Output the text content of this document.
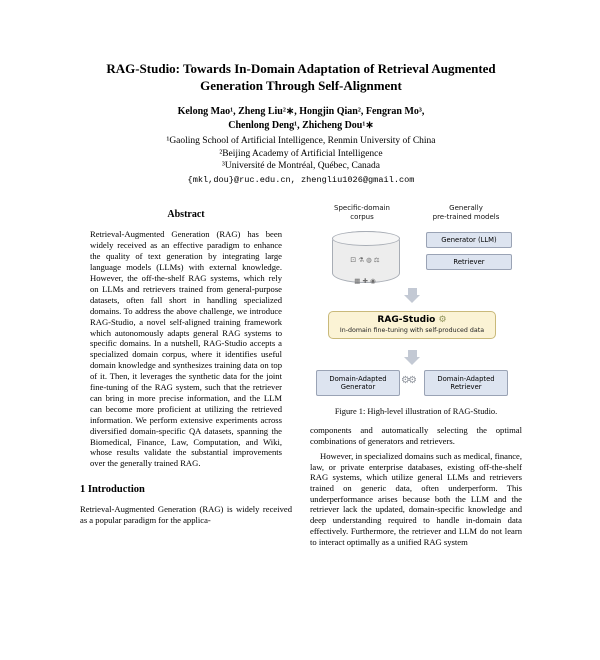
RAG-Studio: Towards In-Domain Adaptation of Retrieval Augmented
Generation Through Self-Alignment
Kelong Mao¹, Zheng Liu²∗, Hongjin Qian², Fengran Mo³,
Chenlong Deng¹, Zhicheng Dou¹∗
¹Gaoling School of Artificial Intelligence, Renmin University of China
²Beijing Academy of Artificial Intelligence
³Université de Montréal, Québec, Canada
{mkl,dou}@ruc.edu.cn, zhengliu1026@gmail.com
Abstract

Retrieval-Augmented Generation (RAG) has been widely received as an effective paradigm to enhance the quality of text generation by integrating large language models (LLMs) with external knowledge. However, the off-the-shelf RAG systems, which rely on LLMs and retrievers trained from general-purpose datasets, often fall short in handling specialized domains. To address the above challenge, we introduce RAG-Studio, a novel self-aligned training framework which autonomously adapts general RAG systems to specific domains. In a nutshell, RAG-Studio accepts a specialized domain corpus, where it identifies useful domain knowledge and synthesizes training data on top of it. Then, it leverages the synthetic data for the joint fine-tuning of the RAG system, such that the retriever can bring in more precise information, and the LLM can become more proficient at utilizing the retrieved information. We perform extensive experiments across diversified domain-specific QA datasets, spanning the Biomedical, Finance, Law, Computation, and Wiki, whose results validate the substantial improvements over the generally trained RAG.

1 Introduction

Retrieval-Augmented Generation (RAG) is widely received as a popular paradigm for the applica-

Specific-domain
corpus
Generally
pre-trained models

⚀ ⚗ ◍ ⚖

▦ ✚ ◉

Generator (LLM)
Retriever
RAG-Studio ⚙
In-domain fine-tuning with self-produced data
Domain-Adapted
Generator
⚙⚙	Domain-Adapted
Retriever
Figure 1: High-level illustration of RAG-Studio.

components and automatically selecting the optimal combinations of generators and retrievers.

However, in specialized domains such as medical, finance, law, or private enterprise databases, existing off-the-shelf RAG systems, which utilize general LLMs and retrievers trained on generic data, often underperform. This underperformance arises because both the LLM and the retriever lack the updated, domain-specific knowledge and deep understanding required to handle in-domain data effectively. Furthermore, the retriever and LLM do not learn to interact optimally as a unified RAG system
